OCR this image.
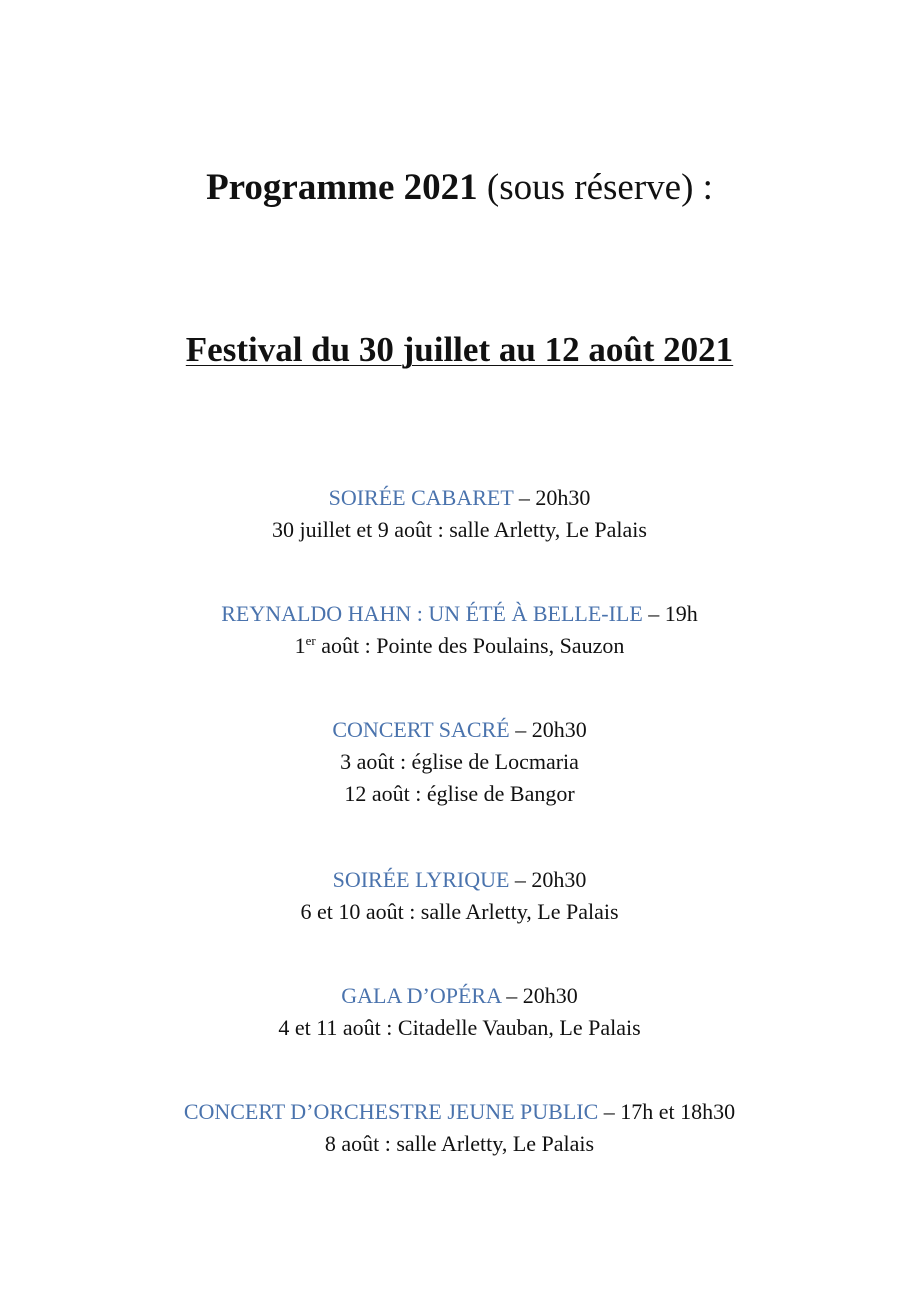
Programme 2021 (sous réserve) :
Festival du 30 juillet au 12 août 2021
SOIRÉE CABARET – 20h30
30 juillet et 9 août : salle Arletty, Le Palais
REYNALDO HAHN : UN ÉTÉ À BELLE-ILE – 19h
1er août : Pointe des Poulains, Sauzon
CONCERT SACRÉ – 20h30
3 août : église de Locmaria
12 août : église de Bangor
SOIRÉE LYRIQUE – 20h30
6 et 10 août : salle Arletty, Le Palais
GALA D’OPÉRA – 20h30
4 et 11 août : Citadelle Vauban, Le Palais
CONCERT D’ORCHESTRE JEUNE PUBLIC – 17h et 18h30
8 août : salle Arletty, Le Palais
